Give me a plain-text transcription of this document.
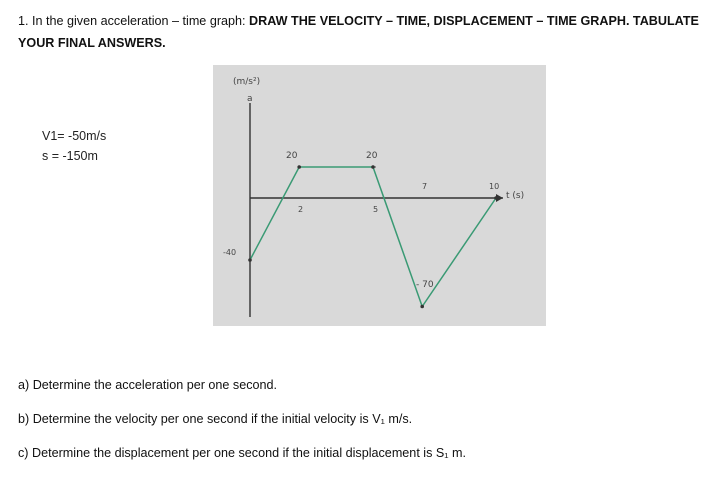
1. In the given acceleration – time graph: DRAW THE VELOCITY – TIME, DISPLACEMENT – TIME GRAPH. TABULATE YOUR FINAL ANSWERS.
V1= -50m/s
s = -150m
(m/s²)
a
20	20
-40
- 70
2	5
7	10
t (s)
a) Determine the acceleration per one second.
b) Determine the velocity per one second if the initial velocity is V₁ m/s.
c) Determine the displacement per one second if the initial displacement is S₁ m.
